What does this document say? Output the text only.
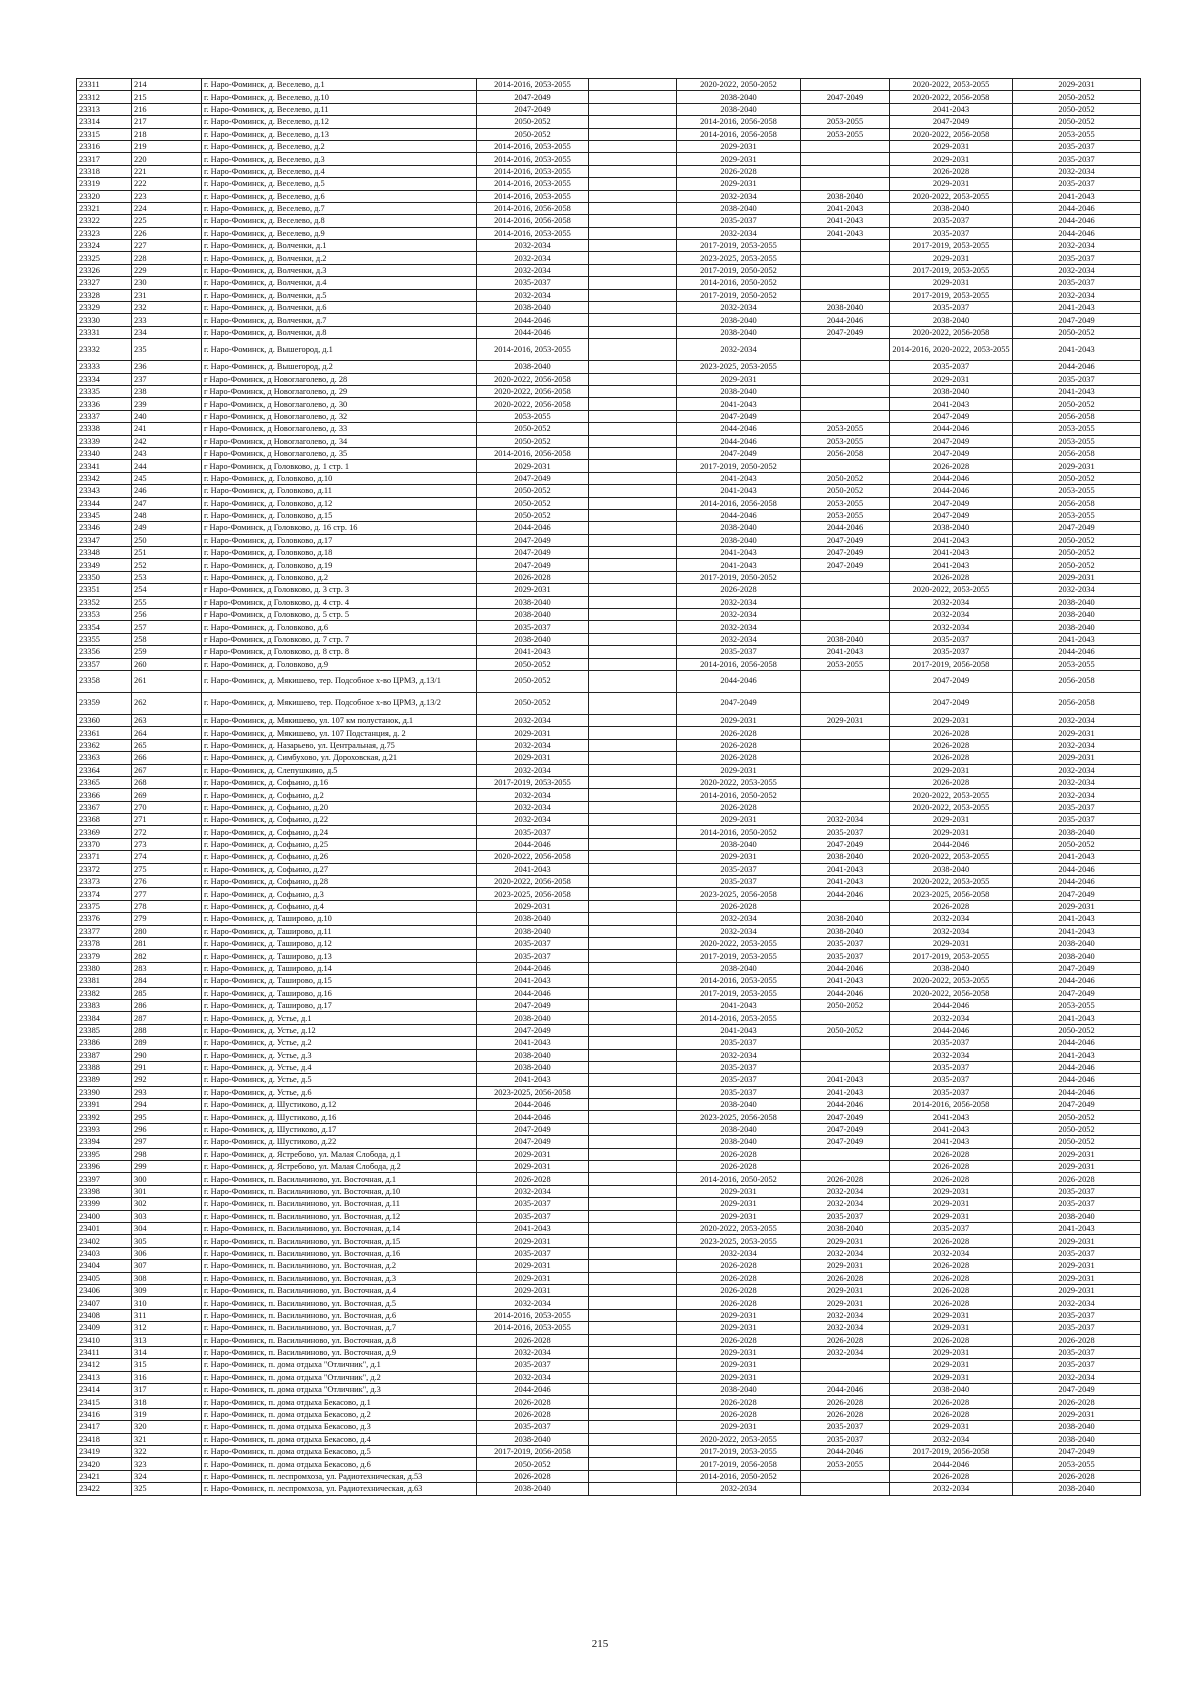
23311	214	г. Наро-Фоминск, д. Веселево, д.1	2014-2016, 2053-2055		2020-2022, 2050-2052		2020-2022, 2053-2055	2029-2031
23312	215	г. Наро-Фоминск, д. Веселево, д.10	2047-2049		2038-2040	2047-2049	2020-2022, 2056-2058	2050-2052
23313	216	г. Наро-Фоминск, д. Веселево, д.11	2047-2049		2038-2040		2041-2043	2050-2052
23314	217	г. Наро-Фоминск, д. Веселево, д.12	2050-2052		2014-2016, 2056-2058	2053-2055	2047-2049	2050-2052
23315	218	г. Наро-Фоминск, д. Веселево, д.13	2050-2052		2014-2016, 2056-2058	2053-2055	2020-2022, 2056-2058	2053-2055
23316	219	г. Наро-Фоминск, д. Веселево, д.2	2014-2016, 2053-2055		2029-2031		2029-2031	2035-2037
23317	220	г. Наро-Фоминск, д. Веселево, д.3	2014-2016, 2053-2055		2029-2031		2029-2031	2035-2037
23318	221	г. Наро-Фоминск, д. Веселево, д.4	2014-2016, 2053-2055		2026-2028		2026-2028	2032-2034
23319	222	г. Наро-Фоминск, д. Веселево, д.5	2014-2016, 2053-2055		2029-2031		2029-2031	2035-2037
23320	223	г. Наро-Фоминск, д. Веселево, д.6	2014-2016, 2053-2055		2032-2034	2038-2040	2020-2022, 2053-2055	2041-2043
23321	224	г. Наро-Фоминск, д. Веселево, д.7	2014-2016, 2056-2058		2038-2040	2041-2043	2038-2040	2044-2046
23322	225	г. Наро-Фоминск, д. Веселево, д.8	2014-2016, 2056-2058		2035-2037	2041-2043	2035-2037	2044-2046
23323	226	г. Наро-Фоминск, д. Веселево, д.9	2014-2016, 2053-2055		2032-2034	2041-2043	2035-2037	2044-2046
23324	227	г. Наро-Фоминск, д. Волченки, д.1	2032-2034		2017-2019, 2053-2055		2017-2019, 2053-2055	2032-2034
23325	228	г. Наро-Фоминск, д. Волченки, д.2	2032-2034		2023-2025, 2053-2055		2029-2031	2035-2037
23326	229	г. Наро-Фоминск, д. Волченки, д.3	2032-2034		2017-2019, 2050-2052		2017-2019, 2053-2055	2032-2034
23327	230	г. Наро-Фоминск, д. Волченки, д.4	2035-2037		2014-2016, 2050-2052		2029-2031	2035-2037
23328	231	г. Наро-Фоминск, д. Волченки, д.5	2032-2034		2017-2019, 2050-2052		2017-2019, 2053-2055	2032-2034
23329	232	г. Наро-Фоминск, д. Волченки, д.6	2038-2040		2032-2034	2038-2040	2035-2037	2041-2043
23330	233	г. Наро-Фоминск, д. Волченки, д.7	2044-2046		2038-2040	2044-2046	2038-2040	2047-2049
23331	234	г. Наро-Фоминск, д. Волченки, д.8	2044-2046		2038-2040	2047-2049	2020-2022, 2056-2058	2050-2052
23332	235	г. Наро-Фоминск, д. Вышегород, д.1	2014-2016, 2053-2055		2032-2034		2014-2016, 2020-2022, 2053-2055	2041-2043
23333	236	г. Наро-Фоминск, д. Вышегород, д.2	2038-2040		2023-2025, 2053-2055		2035-2037	2044-2046
23334	237	г Наро-Фоминск, д Новоглаголево, д. 28	2020-2022, 2056-2058		2029-2031		2029-2031	2035-2037
23335	238	г Наро-Фоминск, д Новоглаголево, д. 29	2020-2022, 2056-2058		2038-2040		2038-2040	2041-2043
23336	239	г Наро-Фоминск, д Новоглаголево, д. 30	2020-2022, 2056-2058		2041-2043		2041-2043	2050-2052
23337	240	г Наро-Фоминск, д Новоглаголево, д. 32	2053-2055		2047-2049		2047-2049	2056-2058
23338	241	г Наро-Фоминск, д Новоглаголево, д. 33	2050-2052		2044-2046	2053-2055	2044-2046	2053-2055
23339	242	г Наро-Фоминск, д Новоглаголево, д. 34	2050-2052		2044-2046	2053-2055	2047-2049	2053-2055
23340	243	г Наро-Фоминск, д Новоглаголево, д. 35	2014-2016, 2056-2058		2047-2049	2056-2058	2047-2049	2056-2058
23341	244	г Наро-Фоминск, д Головково, д. 1 стр. 1	2029-2031		2017-2019, 2050-2052		2026-2028	2029-2031
23342	245	г. Наро-Фоминск, д. Головково, д.10	2047-2049		2041-2043	2050-2052	2044-2046	2050-2052
23343	246	г. Наро-Фоминск, д. Головково, д.11	2050-2052		2041-2043	2050-2052	2044-2046	2053-2055
23344	247	г. Наро-Фоминск, д. Головково, д.12	2050-2052		2014-2016, 2056-2058	2053-2055	2047-2049	2056-2058
23345	248	г. Наро-Фоминск, д. Головково, д.15	2050-2052		2044-2046	2053-2055	2047-2049	2053-2055
23346	249	г Наро-Фоминск, д Головково, д. 16 стр. 16	2044-2046		2038-2040	2044-2046	2038-2040	2047-2049
23347	250	г. Наро-Фоминск, д. Головково, д.17	2047-2049		2038-2040	2047-2049	2041-2043	2050-2052
23348	251	г. Наро-Фоминск, д. Головково, д.18	2047-2049		2041-2043	2047-2049	2041-2043	2050-2052
23349	252	г. Наро-Фоминск, д. Головково, д.19	2047-2049		2041-2043	2047-2049	2041-2043	2050-2052
23350	253	г. Наро-Фоминск, д. Головково, д.2	2026-2028		2017-2019, 2050-2052		2026-2028	2029-2031
23351	254	г Наро-Фоминск, д Головково, д. 3 стр. 3	2029-2031		2026-2028		2020-2022, 2053-2055	2032-2034
23352	255	г Наро-Фоминск, д Головково, д. 4 стр. 4	2038-2040		2032-2034		2032-2034	2038-2040
23353	256	г Наро-Фоминск, д Головково, д. 5 стр. 5	2038-2040		2032-2034		2032-2034	2038-2040
23354	257	г. Наро-Фоминск, д. Головково, д.6	2035-2037		2032-2034		2032-2034	2038-2040
23355	258	г Наро-Фоминск, д Головково, д. 7 стр. 7	2038-2040		2032-2034	2038-2040	2035-2037	2041-2043
23356	259	г Наро-Фоминск, д Головково, д. 8 стр. 8	2041-2043		2035-2037	2041-2043	2035-2037	2044-2046
23357	260	г. Наро-Фоминск, д. Головково, д.9	2050-2052		2014-2016, 2056-2058	2053-2055	2017-2019, 2056-2058	2053-2055
23358	261	г. Наро-Фоминск, д. Мякишево, тер. Подсобное х-во ЦРМЗ, д.13/1	2050-2052		2044-2046		2047-2049	2056-2058
23359	262	г. Наро-Фоминск, д. Мякишево, тер. Подсобное х-во ЦРМЗ, д.13/2	2050-2052		2047-2049		2047-2049	2056-2058
23360	263	г. Наро-Фоминск, д. Мякишево, ул. 107 км полустанок, д.1	2032-2034		2029-2031	2029-2031	2029-2031	2032-2034
23361	264	г. Наро-Фоминск, д. Мякишево, ул. 107 Подстанция, д. 2	2029-2031		2026-2028		2026-2028	2029-2031
23362	265	г. Наро-Фоминск, д. Назарьево, ул. Центральная, д.75	2032-2034		2026-2028		2026-2028	2032-2034
23363	266	г. Наро-Фоминск, д. Симбухово, ул. Дороховская, д.21	2029-2031		2026-2028		2026-2028	2029-2031
23364	267	г. Наро-Фоминск, д. Слепушкино, д.5	2032-2034		2029-2031		2029-2031	2032-2034
23365	268	г. Наро-Фоминск, д. Софьино, д.16	2017-2019, 2053-2055		2020-2022, 2053-2055		2026-2028	2032-2034
23366	269	г. Наро-Фоминск, д. Софьино, д.2	2032-2034		2014-2016, 2050-2052		2020-2022, 2053-2055	2032-2034
23367	270	г. Наро-Фоминск, д. Софьино, д.20	2032-2034		2026-2028		2020-2022, 2053-2055	2035-2037
23368	271	г. Наро-Фоминск, д. Софьино, д.22	2032-2034		2029-2031	2032-2034	2029-2031	2035-2037
23369	272	г. Наро-Фоминск, д. Софьино, д.24	2035-2037		2014-2016, 2050-2052	2035-2037	2029-2031	2038-2040
23370	273	г. Наро-Фоминск, д. Софьино, д.25	2044-2046		2038-2040	2047-2049	2044-2046	2050-2052
23371	274	г. Наро-Фоминск, д. Софьино, д.26	2020-2022, 2056-2058		2029-2031	2038-2040	2020-2022, 2053-2055	2041-2043
23372	275	г. Наро-Фоминск, д. Софьино, д.27	2041-2043		2035-2037	2041-2043	2038-2040	2044-2046
23373	276	г. Наро-Фоминск, д. Софьино, д.28	2020-2022, 2056-2058		2035-2037	2041-2043	2020-2022, 2053-2055	2044-2046
23374	277	г. Наро-Фоминск, д. Софьино, д.3	2023-2025, 2056-2058		2023-2025, 2056-2058	2044-2046	2023-2025, 2056-2058	2047-2049
23375	278	г. Наро-Фоминск, д. Софьино, д.4	2029-2031		2026-2028		2026-2028	2029-2031
23376	279	г. Наро-Фоминск, д. Таширово, д.10	2038-2040		2032-2034	2038-2040	2032-2034	2041-2043
23377	280	г. Наро-Фоминск, д. Таширово, д.11	2038-2040		2032-2034	2038-2040	2032-2034	2041-2043
23378	281	г. Наро-Фоминск, д. Таширово, д.12	2035-2037		2020-2022, 2053-2055	2035-2037	2029-2031	2038-2040
23379	282	г. Наро-Фоминск, д. Таширово, д.13	2035-2037		2017-2019, 2053-2055	2035-2037	2017-2019, 2053-2055	2038-2040
23380	283	г. Наро-Фоминск, д. Таширово, д.14	2044-2046		2038-2040	2044-2046	2038-2040	2047-2049
23381	284	г. Наро-Фоминск, д. Таширово, д.15	2041-2043		2014-2016, 2053-2055	2041-2043	2020-2022, 2053-2055	2044-2046
23382	285	г. Наро-Фоминск, д. Таширово, д.16	2044-2046		2017-2019, 2053-2055	2044-2046	2020-2022, 2056-2058	2047-2049
23383	286	г. Наро-Фоминск, д. Таширово, д.17	2047-2049		2041-2043	2050-2052	2044-2046	2053-2055
23384	287	г. Наро-Фоминск, д. Устье, д.1	2038-2040		2014-2016, 2053-2055		2032-2034	2041-2043
23385	288	г. Наро-Фоминск, д. Устье, д.12	2047-2049		2041-2043	2050-2052	2044-2046	2050-2052
23386	289	г. Наро-Фоминск, д. Устье, д.2	2041-2043		2035-2037		2035-2037	2044-2046
23387	290	г. Наро-Фоминск, д. Устье, д.3	2038-2040		2032-2034		2032-2034	2041-2043
23388	291	г. Наро-Фоминск, д. Устье, д.4	2038-2040		2035-2037		2035-2037	2044-2046
23389	292	г. Наро-Фоминск, д. Устье, д.5	2041-2043		2035-2037	2041-2043	2035-2037	2044-2046
23390	293	г. Наро-Фоминск, д. Устье, д.6	2023-2025, 2056-2058		2035-2037	2041-2043	2035-2037	2044-2046
23391	294	г. Наро-Фоминск, д. Шустиково, д.12	2044-2046		2038-2040	2044-2046	2014-2016, 2056-2058	2047-2049
23392	295	г. Наро-Фоминск, д. Шустиково, д.16	2044-2046		2023-2025, 2056-2058	2047-2049	2041-2043	2050-2052
23393	296	г. Наро-Фоминск, д. Шустиково, д.17	2047-2049		2038-2040	2047-2049	2041-2043	2050-2052
23394	297	г. Наро-Фоминск, д. Шустиково, д.22	2047-2049		2038-2040	2047-2049	2041-2043	2050-2052
23395	298	г. Наро-Фоминск, д. Ястребово, ул. Малая Слобода, д.1	2029-2031		2026-2028		2026-2028	2029-2031
23396	299	г. Наро-Фоминск, д. Ястребово, ул. Малая Слобода, д.2	2029-2031		2026-2028		2026-2028	2029-2031
23397	300	г. Наро-Фоминск, п. Васильчиново, ул. Восточная, д.1	2026-2028		2014-2016, 2050-2052	2026-2028	2026-2028	2026-2028
23398	301	г. Наро-Фоминск, п. Васильчиново, ул. Восточная, д.10	2032-2034		2029-2031	2032-2034	2029-2031	2035-2037
23399	302	г. Наро-Фоминск, п. Васильчиново, ул. Восточная, д.11	2035-2037		2029-2031	2032-2034	2029-2031	2035-2037
23400	303	г. Наро-Фоминск, п. Васильчиново, ул. Восточная, д.12	2035-2037		2029-2031	2035-2037	2029-2031	2038-2040
23401	304	г. Наро-Фоминск, п. Васильчиново, ул. Восточная, д.14	2041-2043		2020-2022, 2053-2055	2038-2040	2035-2037	2041-2043
23402	305	г. Наро-Фоминск, п. Васильчиново, ул. Восточная, д.15	2029-2031		2023-2025, 2053-2055	2029-2031	2026-2028	2029-2031
23403	306	г. Наро-Фоминск, п. Васильчиново, ул. Восточная, д.16	2035-2037		2032-2034	2032-2034	2032-2034	2035-2037
23404	307	г. Наро-Фоминск, п. Васильчиново, ул. Восточная, д.2	2029-2031		2026-2028	2029-2031	2026-2028	2029-2031
23405	308	г. Наро-Фоминск, п. Васильчиново, ул. Восточная, д.3	2029-2031		2026-2028	2026-2028	2026-2028	2029-2031
23406	309	г. Наро-Фоминск, п. Васильчиново, ул. Восточная, д.4	2029-2031		2026-2028	2029-2031	2026-2028	2029-2031
23407	310	г. Наро-Фоминск, п. Васильчиново, ул. Восточная, д.5	2032-2034		2026-2028	2029-2031	2026-2028	2032-2034
23408	311	г. Наро-Фоминск, п. Васильчиново, ул. Восточная, д.6	2014-2016, 2053-2055		2029-2031	2032-2034	2029-2031	2035-2037
23409	312	г. Наро-Фоминск, п. Васильчиново, ул. Восточная, д.7	2014-2016, 2053-2055		2029-2031	2032-2034	2029-2031	2035-2037
23410	313	г. Наро-Фоминск, п. Васильчиново, ул. Восточная, д.8	2026-2028		2026-2028	2026-2028	2026-2028	2026-2028
23411	314	г. Наро-Фоминск, п. Васильчиново, ул. Восточная, д.9	2032-2034		2029-2031	2032-2034	2029-2031	2035-2037
23412	315	г. Наро-Фоминск, п. дома отдыха "Отличник", д.1	2035-2037		2029-2031		2029-2031	2035-2037
23413	316	г. Наро-Фоминск, п. дома отдыха "Отличник", д.2	2032-2034		2029-2031		2029-2031	2032-2034
23414	317	г. Наро-Фоминск, п. дома отдыха "Отличник", д.3	2044-2046		2038-2040	2044-2046	2038-2040	2047-2049
23415	318	г. Наро-Фоминск, п. дома отдыха Бекасово, д.1	2026-2028		2026-2028	2026-2028	2026-2028	2026-2028
23416	319	г. Наро-Фоминск, п. дома отдыха Бекасово, д.2	2026-2028		2026-2028	2026-2028	2026-2028	2029-2031
23417	320	г. Наро-Фоминск, п. дома отдыха Бекасово, д.3	2035-2037		2029-2031	2035-2037	2029-2031	2038-2040
23418	321	г. Наро-Фоминск, п. дома отдыха Бекасово, д.4	2038-2040		2020-2022, 2053-2055	2035-2037	2032-2034	2038-2040
23419	322	г. Наро-Фоминск, п. дома отдыха Бекасово, д.5	2017-2019, 2056-2058		2017-2019, 2053-2055	2044-2046	2017-2019, 2056-2058	2047-2049
23420	323	г. Наро-Фоминск, п. дома отдыха Бекасово, д.6	2050-2052		2017-2019, 2056-2058	2053-2055	2044-2046	2053-2055
23421	324	г. Наро-Фоминск, п. леспромхоза, ул. Радиотехническая, д.53	2026-2028		2014-2016, 2050-2052		2026-2028	2026-2028
23422	325	г. Наро-Фоминск, п. леспромхоза, ул. Радиотехническая, д.63	2038-2040		2032-2034		2032-2034	2038-2040
215
